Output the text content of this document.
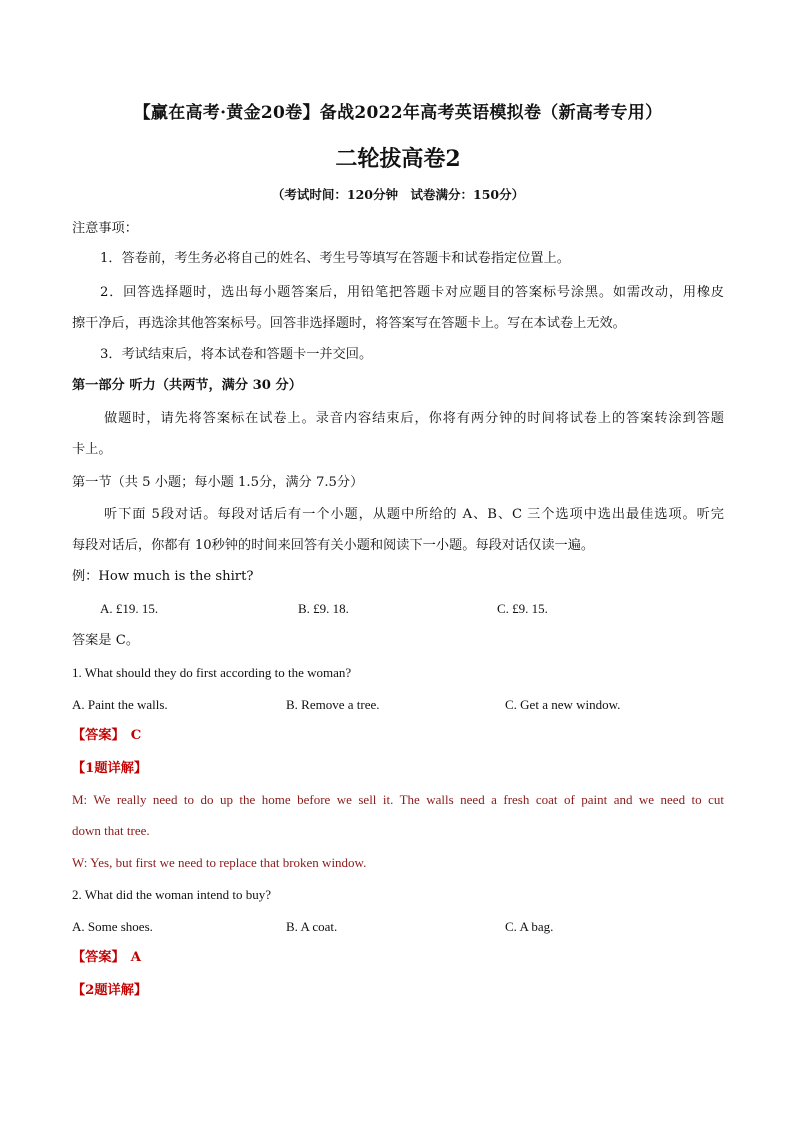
【赢在高考·黄金20卷】备战2022年高考英语模拟卷（新高考专用）
二轮拔高卷2
（考试时间：120分钟　试卷满分：150分）
注意事项：
1．答卷前，考生务必将自己的姓名、考生号等填写在答题卡和试卷指定位置上。
2．回答选择题时，选出每小题答案后，用铅笔把答题卡对应题目的答案标号涂黑。如需改动，用橡皮
擦干净后，再选涂其他答案标号。回答非选择题时，将答案写在答题卡上。写在本试卷上无效。
3．考试结束后，将本试卷和答题卡一并交回。
第一部分 听力（共两节，满分 30 分）
做题时，请先将答案标在试卷上。录音内容结束后，你将有两分钟的时间将试卷上的答案转涂到答题
卡上。
第一节（共 5 小题；每小题 1.5分，满分 7.5分）
听下面 5段对话。每段对话后有一个小题，从题中所给的 A、B、C 三个选项中选出最佳选项。听完
每段对话后，你都有 10秒钟的时间来回答有关小题和阅读下一小题。每段对话仅读一遍。
例：How much is the shirt?
A. £19. 15.	B. £9. 18.	C. £9. 15.
答案是 C。
1. What should they do first according to the woman?
A. Paint the walls.	B. Remove a tree.	C. Get a new window.
【答案】 C
【1题详解】
M: We really need to do up the home before we sell it. The walls need a fresh coat of paint and we need to cut
down that tree.
W: Yes, but first we need to replace that broken window.
2. What did the woman intend to buy?
A. Some shoes.	B. A coat.	C. A bag.
【答案】 A
【2题详解】
